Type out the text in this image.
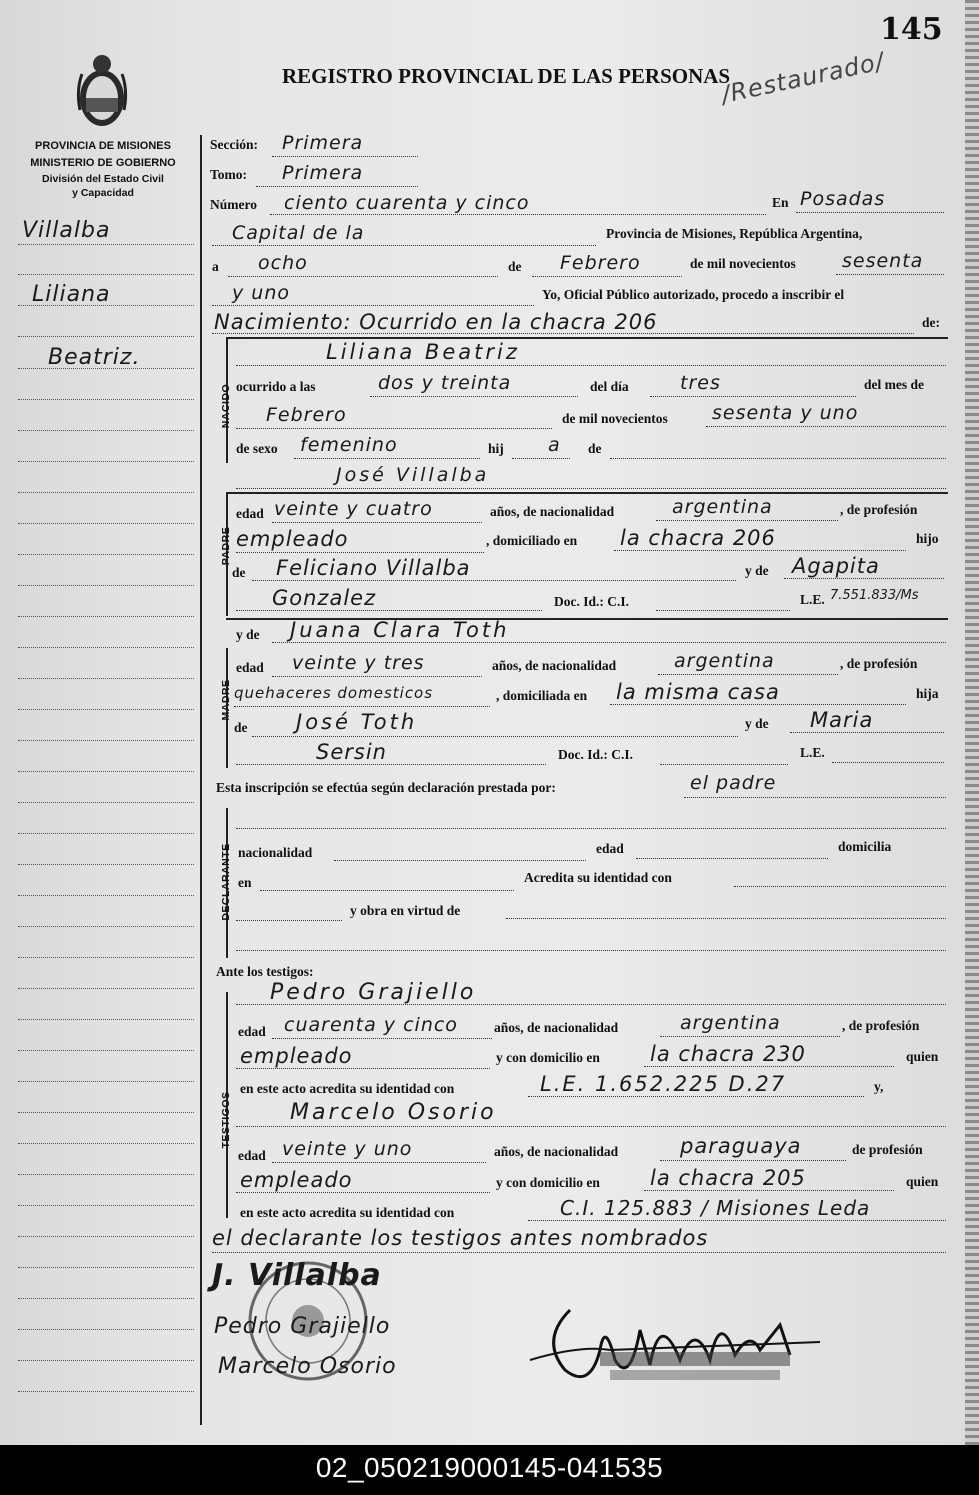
145
REGISTRO PROVINCIAL DE LAS PERSONAS
/Restaurado/
PROVINCIA DE MISIONES
MINISTERIO DE GOBIERNO
División del Estado Civil
y Capacidad
Villalba
Liliana
Beatriz.
Sección: Primera
Tomo: Primera
Número ciento cuarenta y cinco	En Posadas
Capital de la	Provincia de Misiones, República Argentina,
a ocho	de Febrero	de mil novecientos sesenta
y uno	Yo, Oficial Público autorizado, procedo a inscribir el
Nacimiento: Ocurrido en la chacra 206	de:
NACIDO
Liliana Beatriz
ocurrido a las	dos y treinta	del día	tres	del mes de
Febrero	de mil novecientos sesenta y uno
de sexo femenino	hij a de
José Villalba
PADRE
edad veinte y cuatro	años, de nacionalidad	argentina	, de profesión
empleado	, domiciliado en la chacra 206	hijo
de Feliciano Villalba	y de Agapita
Gonzalez	Doc. Id.: C.I.	L.E. 7.551.833/Ms
MADRE
y de Juana Clara Toth
edad veinte y tres	años, de nacionalidad	argentina	, de profesión
quehaceres domesticos	, domiciliada en la misma casa	hija
de José Toth	y de Maria
Sersin	Doc. Id.: C.I.	L.E.
Esta inscripción se efectúa según declaración prestada por:	el padre
DECLARANTE nacionalidad	edad	domicilia
en	Acredita su identidad con
y obra en virtud de
Ante los testigos:
TESTIGOS
Pedro Grajiello
edad cuarenta y cinco	años, de nacionalidad	argentina	, de profesión
empleado	y con domicilio en la chacra 230	quien
en este acto acredita su identidad con	L.E. 1.652.225 D.27	y,
Marcelo Osorio
edad veinte y uno	años, de nacionalidad	paraguaya	de profesión
empleado	y con domicilio en la chacra 205	quien
en este acto acredita su identidad con	C.I. 125.883 / Misiones Leda
el declarante los testigos antes nombrados
J. Villalba
Pedro Grajiello
Marcelo Osorio
02_050219000145-041535
